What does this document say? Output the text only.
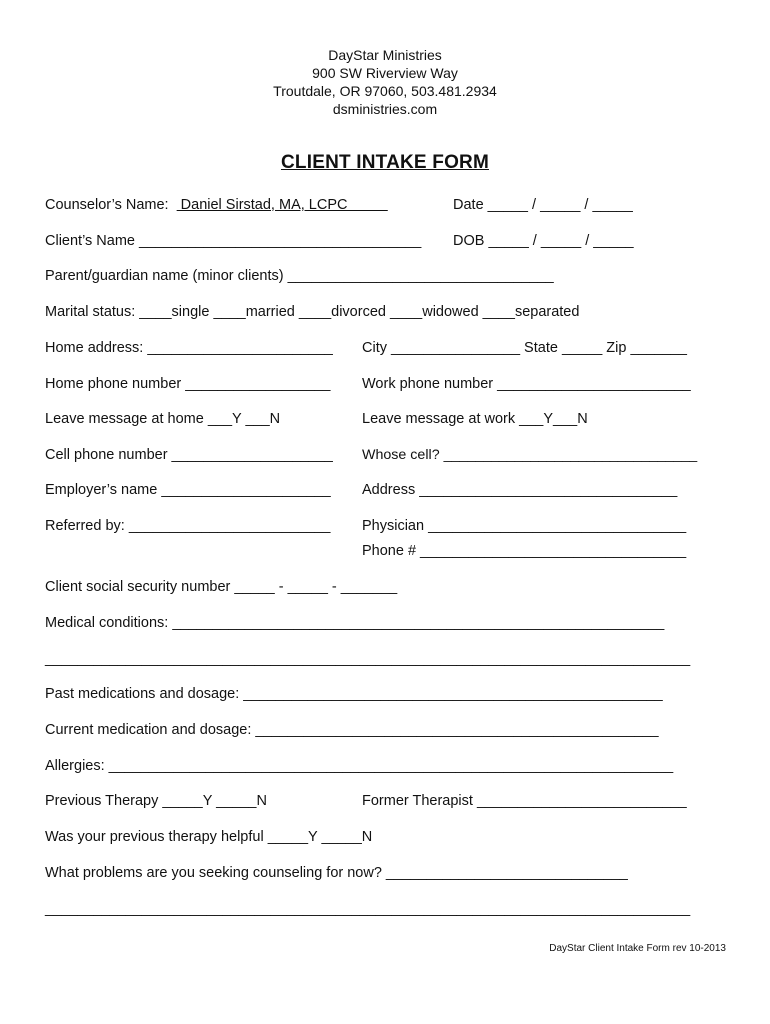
DayStar Ministries
900 SW Riverview Way
Troutdale, OR 97060, 503.481.2934
dsministries.com
CLIENT INTAKE FORM
Counselor’s Name:   Daniel Sirstad, MA, LCPC	Date _____ / _____ / _____
Client’s Name ___________________________________ DOB _____ / _____ / _____
Parent/guardian name (minor clients) _________________________________
Marital status: ____single ____married ____divorced ____widowed ____separated
Home address: _______________________ City ________________ State _____ Zip _______
Home phone number __________________ Work phone number ________________________
Leave message at home ___Y ___N	Leave message at work ___Y___N
Cell phone number ____________________ Whose cell? ________________________________
Employer’s name _____________________ Address ________________________________
Referred by: _________________________ Physician ________________________________
Phone # _________________________________
Client social security number _____ - _____ - _______
Medical conditions: _____________________________________________________________
________________________________________________________________________________
Past medications and dosage: ____________________________________________________
Current medication and dosage: __________________________________________________
Allergies: ______________________________________________________________________
Previous Therapy _____Y _____N	Former Therapist __________________________
Was your previous therapy helpful _____Y _____N
What problems are you seeking counseling for now? ______________________________
________________________________________________________________________________
DayStar Client Intake Form rev 10-2013
